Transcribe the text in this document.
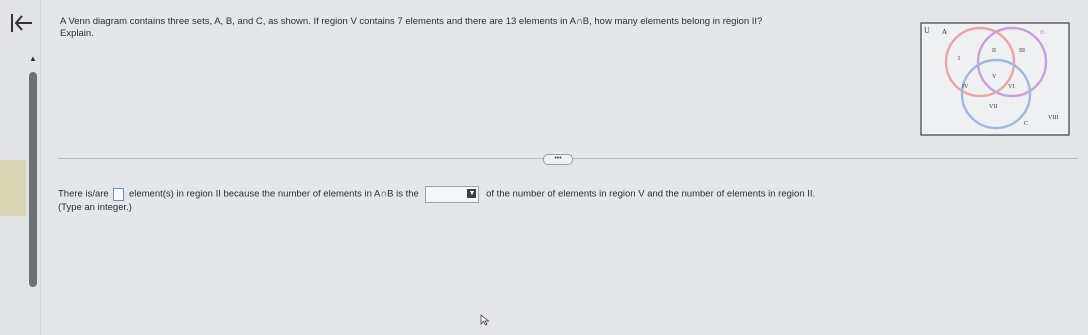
▲
A Venn diagram contains three sets, A, B, and C, as shown. If region V contains 7 elements and there are 13 elements in A∩B, how many elements belong in region II?
Explain.	U A	B
C
I
II	III
IV
V
VI
VII
VIII
•••
There is/are element(s) in region II because the number of elements in A∩B is the	▼ of the number of elements in region V and the number of elements in region II.
(Type an integer.)
